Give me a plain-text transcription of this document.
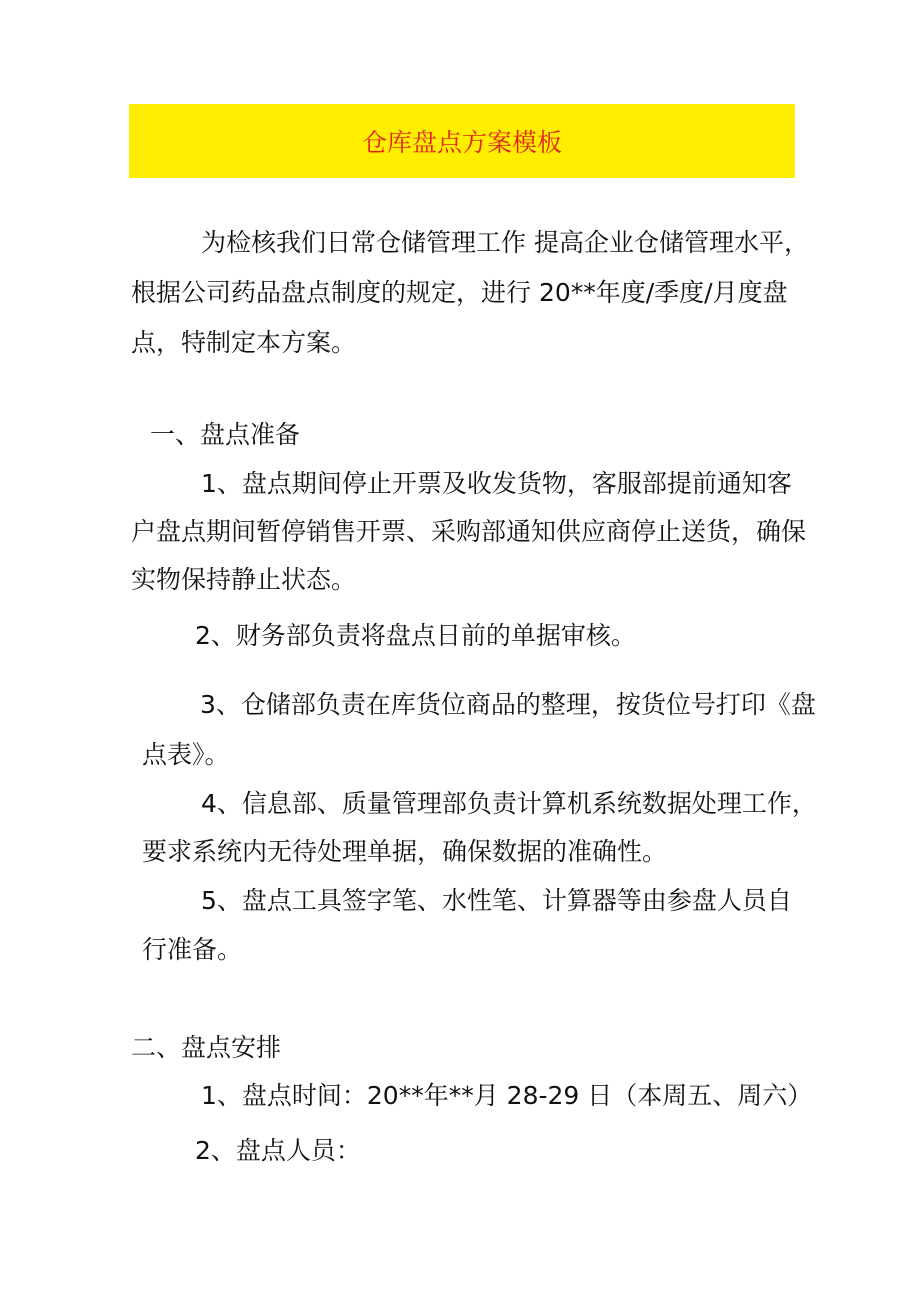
仓库盘点方案模板
为检核我们日常仓储管理工作 提高企业仓储管理水平，
根据公司药品盘点制度的规定，进行 20**年度/季度/月度盘
点，特制定本方案。
一、盘点准备
1、盘点期间停止开票及收发货物，客服部提前通知客
户盘点期间暂停销售开票、采购部通知供应商停止送货，确保
实物保持静止状态。
2、财务部负责将盘点日前的单据审核。
3、仓储部负责在库货位商品的整理，按货位号打印《盘
点表》。
4、信息部、质量管理部负责计算机系统数据处理工作，
要求系统内无待处理单据，确保数据的准确性。
5、盘点工具签字笔、水性笔、计算器等由参盘人员自
行准备。
二、盘点安排
1、盘点时间：20**年**月 28-29 日（本周五、周六）
2、盘点人员：
